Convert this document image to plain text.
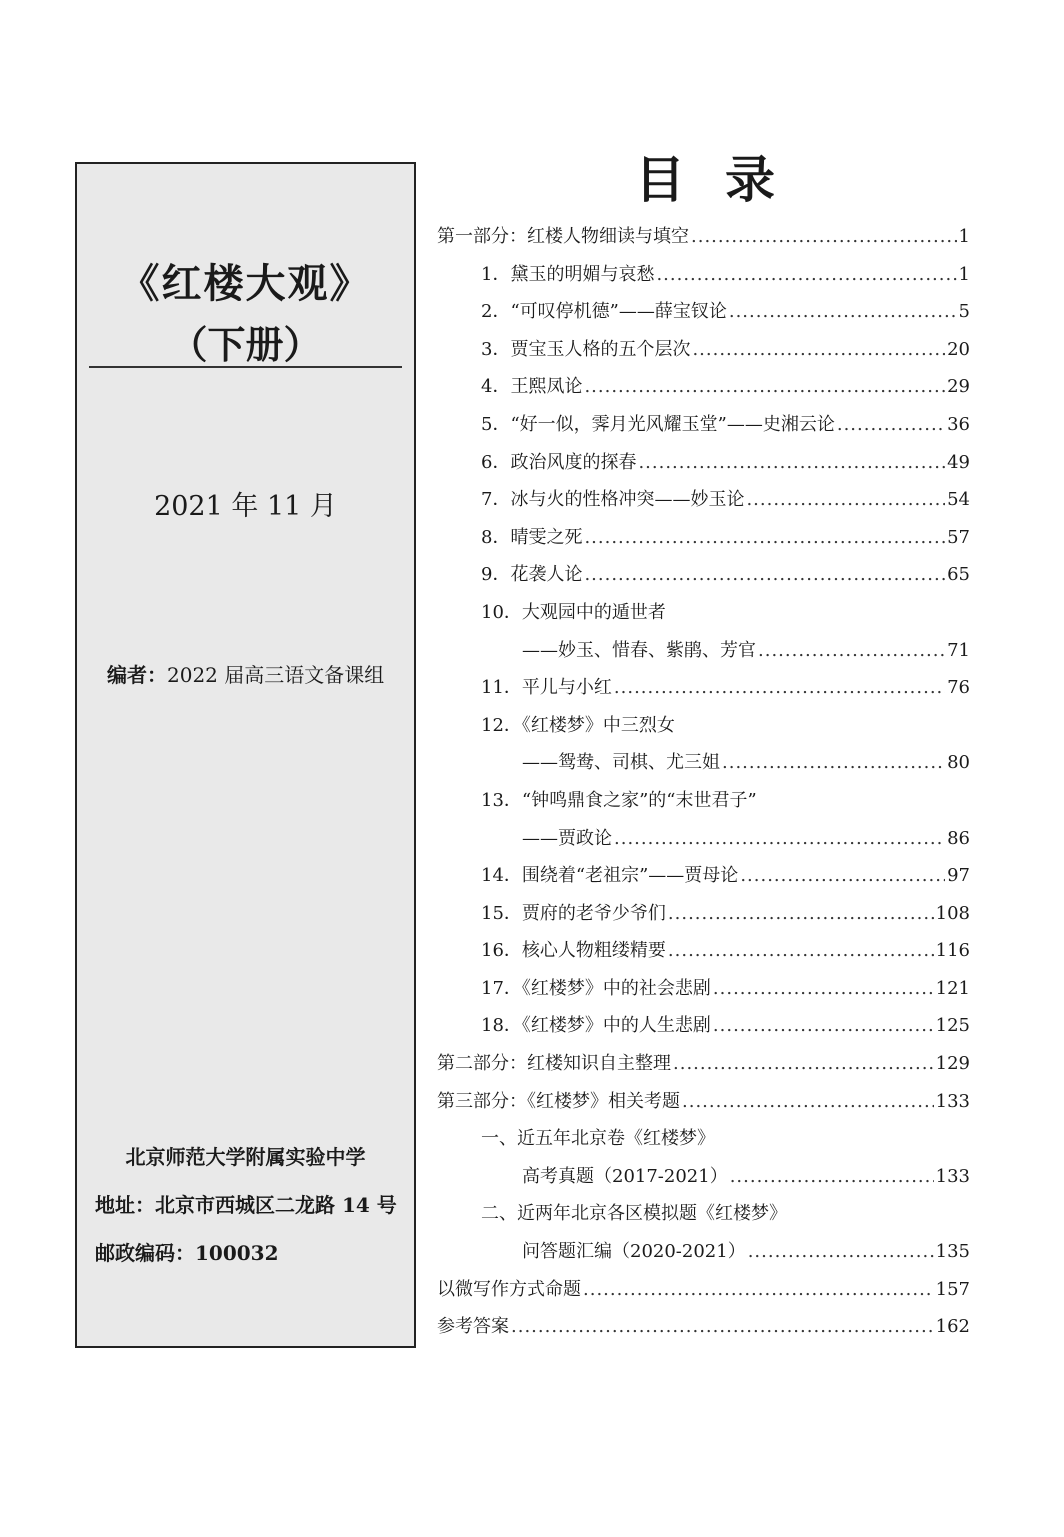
《红楼大观》
（下册）
2021 年 11 月
编者：2022 届高三语文备课组
北京师范大学附属实验中学
地址：北京市西城区二龙路 14 号
邮政编码：100032
目录
第一部分：红楼人物细读与填空 .....	1
1．黛玉的明媚与哀愁 .....	1
2．“可叹停机德”——薛宝钗论 .....	5
3．贾宝玉人格的五个层次 .....	20
4．王熙凤论 .....	29
5．“好一似，霁月光风耀玉堂”——史湘云论 .....	36
6．政治风度的探春 .....	49
7．冰与火的性格冲突——妙玉论 .....	54
8．晴雯之死 .....	57
9．花袭人论 .....	65
10．大观园中的遁世者
——妙玉、惜春、紫鹃、芳官 .....	71
11．平儿与小红 .....	76
12．《红楼梦》中三烈女
——鸳鸯、司棋、尤三姐 .....	80
13．“钟鸣鼎食之家”的“末世君子”
——贾政论 .....	86
14．围绕着“老祖宗”——贾母论 .....	97
15．贾府的老爷少爷们 .....	108
16．核心人物粗缕精要 .....	116
17．《红楼梦》中的社会悲剧 .....	121
18．《红楼梦》中的人生悲剧 .....	125
第二部分：红楼知识自主整理 .....	129
第三部分：《红楼梦》相关考题 .....	133
一、近五年北京卷《红楼梦》
高考真题（2017-2021） .....	133
二、近两年北京各区模拟题《红楼梦》
问答题汇编（2020-2021） .....	135
以微写作方式命题 .....	157
参考答案 .....	162
